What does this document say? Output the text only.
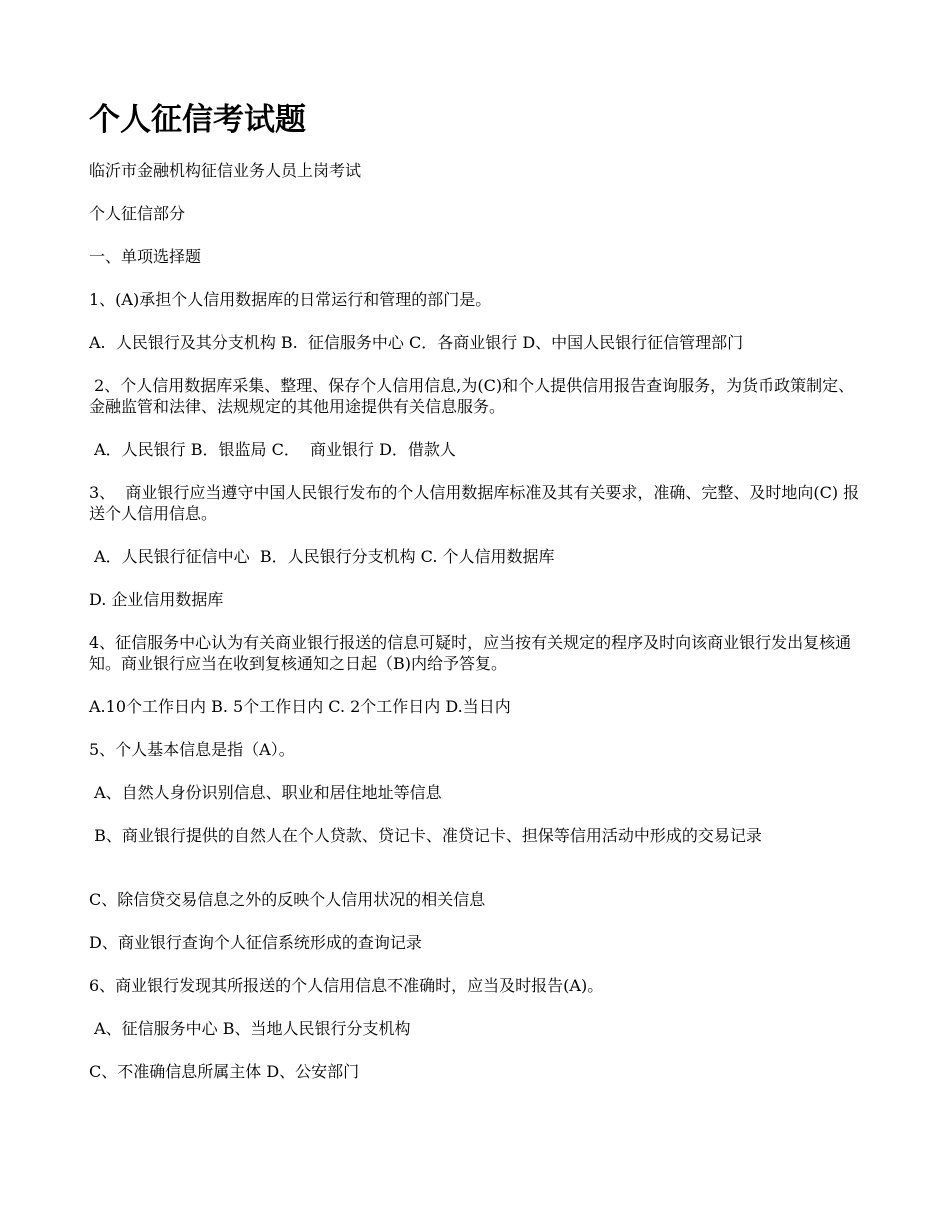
个人征信考试题

临沂市金融机构征信业务人员上岗考试

个人征信部分

一、单项选择题

1、(A)承担个人信用数据库的日常运行和管理的部门是。

A.  人民银行及其分支机构 B.  征信服务中心 C．各商业银行 D、中国人民银行征信管理部门

2、个人信用数据库采集、整理、保存个人信用信息,为(C)和个人提供信用报告查询服务，为货币政策制定、金融监管和法律、法规规定的其他用途提供有关信息服务。

A．人民银行 B．银监局 C．  商业银行 D．借款人

3、  商业银行应当遵守中国人民银行发布的个人信用数据库标准及其有关要求，准确、完整、及时地向(C) 报送个人信用信息。

A．人民银行征信中心  B．人民银行分支机构 C. 个人信用数据库

D. 企业信用数据库

4、征信服务中心认为有关商业银行报送的信息可疑时，应当按有关规定的程序及时向该商业银行发出复核通知。商业银行应当在收到复核通知之日起（B)内给予答复。

A.10个工作日内 B. 5个工作日内 C. 2个工作日内 D.当日内

5、个人基本信息是指（A）。

A、自然人身份识别信息、职业和居住地址等信息

B、商业银行提供的自然人在个人贷款、贷记卡、准贷记卡、担保等信用活动中形成的交易记录

C、除信贷交易信息之外的反映个人信用状况的相关信息

D、商业银行查询个人征信系统形成的查询记录

6、商业银行发现其所报送的个人信用信息不准确时，应当及时报告(A)。

A、征信服务中心 B、当地人民银行分支机构

C、不准确信息所属主体 D、公安部门
